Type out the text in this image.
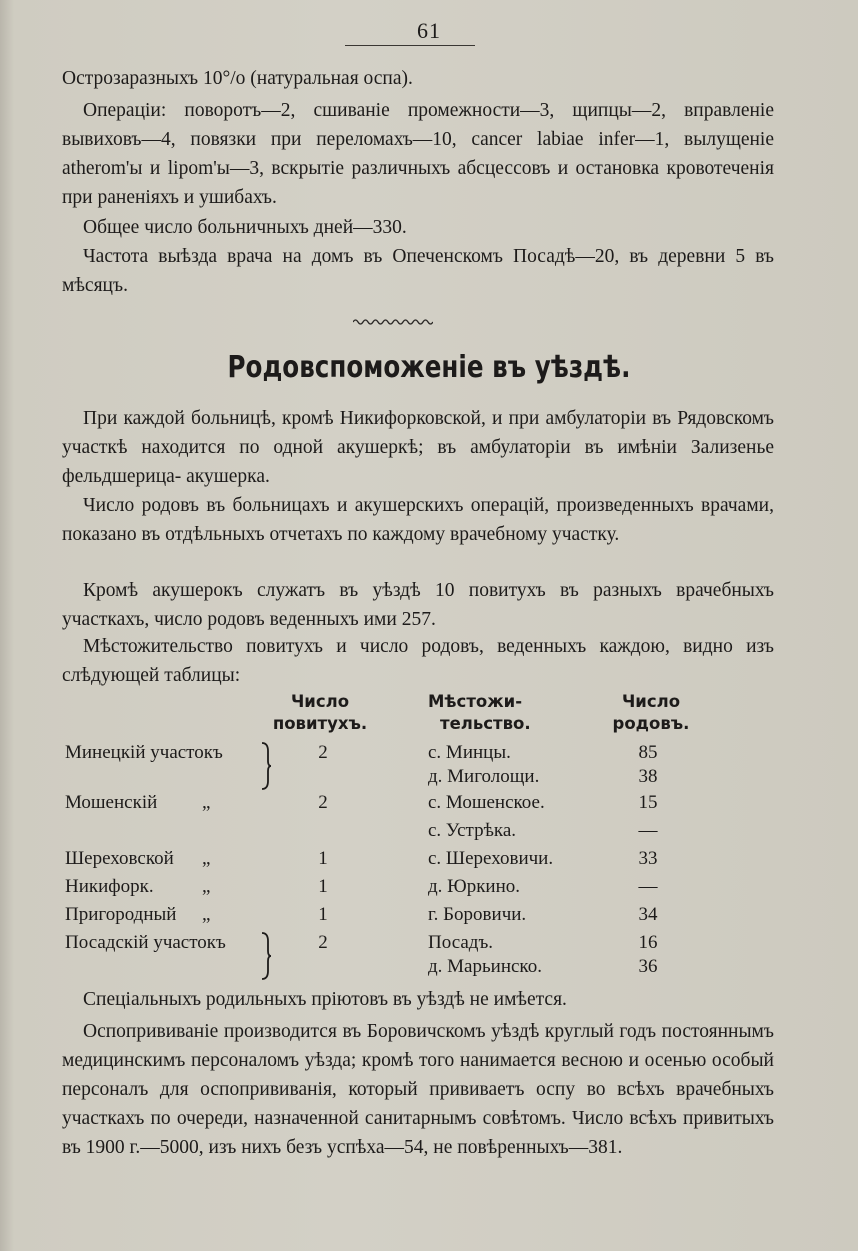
61

Острозаразныхъ 10°/о (натуральная оспа).

Операціи: поворотъ—2, сшиваніе промежности—3, щипцы—2, вправленіе вывиховъ—4, повязки при переломахъ—10, cancer labiae infer—1, вылущеніе atherom'ы и lipom'ы—3, вскрытіе различныхъ абсцессовъ и остановка кровотеченія при раненіяхъ и ушибахъ.

Общее число больничныхъ дней—330.

Частота выѣзда врача на домъ въ Опеченскомъ Посадѣ—20, въ деревни 5 въ мѣсяцъ.

Родовспоможеніе въ уѣздѣ.

При каждой больницѣ, кромѣ Никифорковской, и при амбулаторіи въ Рядовскомъ участкѣ находится по одной акушеркѣ; въ амбулаторіи въ имѣніи Зализенье фельдшерица- акушерка.

Число родовъ въ больницахъ и акушерскихъ операцій, произведенныхъ врачами, показано въ отдѣльныхъ отчетахъ по каждому врачебному участку.

Кромѣ акушерокъ служатъ въ уѣздѣ 10 повитухъ въ разныхъ врачебныхъ участкахъ, число родовъ веденныхъ ими 257.

Мѣстожительство повитухъ и число родовъ, веденныхъ каждою, видно изъ слѣдующей таблицы:

Число
повитухъ.
Мѣстожи-
тельство.
Число
родовъ.
Минецкій участокъ	2	с. Минцы.	85
д. Миголощи.	38
Мошенскій „	2	с. Мошенское.	15
с. Устрѣка.	—
Шереховской „	1	с. Шереховичи.	33
Никифорк.	„	1	д. Юркино.	—
Пригородный „	1	г. Боровичи.	34
Посадскій участокъ	2	Посадъ.	16
д. Марьинско.	36

Спеціальныхъ родильныхъ пріютовъ въ уѣздѣ не имѣется.

Оспопрививаніе производится въ Боровичскомъ уѣздѣ круглый годъ постояннымъ медицинскимъ персоналомъ уѣзда; кромѣ того нанимается весною и осенью особый персоналъ для оспопрививанія, который прививаетъ оспу во всѣхъ врачебныхъ участкахъ по очереди, назначенной санитарнымъ совѣтомъ. Число всѣхъ привитыхъ въ 1900 г.—5000, изъ нихъ безъ успѣха—54, не повѣренныхъ—381.
